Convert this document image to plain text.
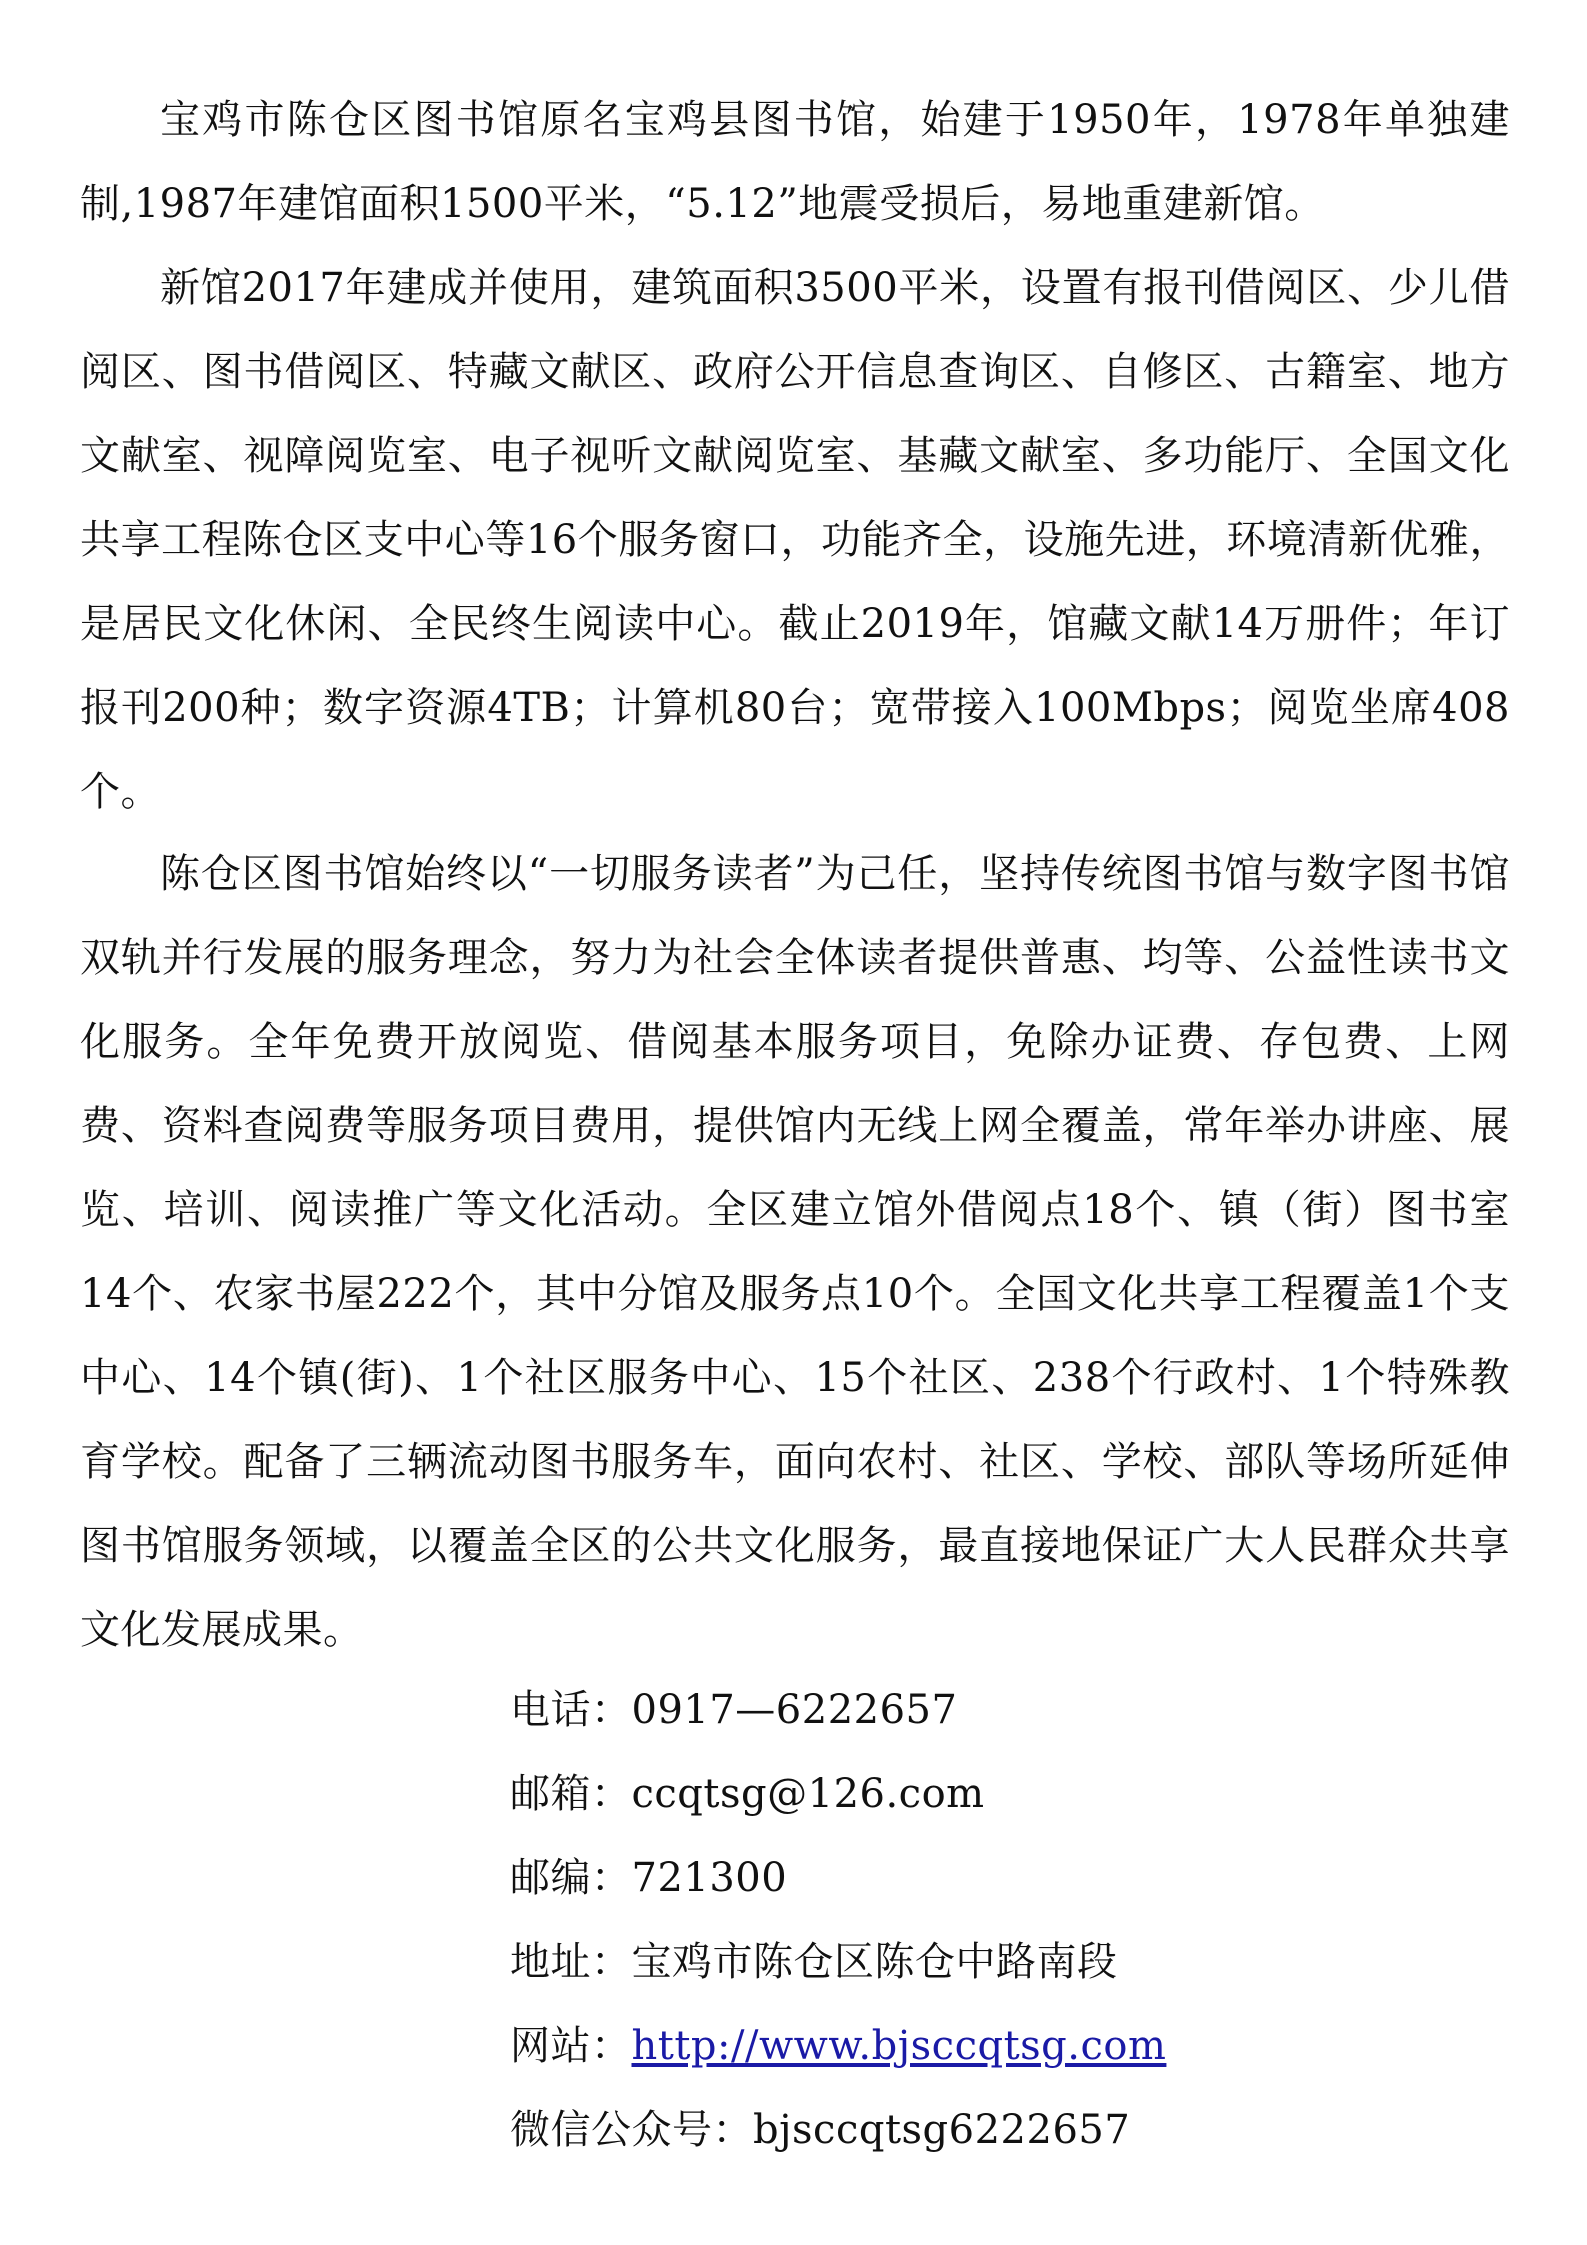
宝鸡市陈仓区图书馆原名宝鸡县图书馆，始建于1950年，1978年单独建制,1987年建馆面积1500平米，“5.12”地震受损后，易地重建新馆。

新馆2017年建成并使用，建筑面积3500平米，设置有报刊借阅区、少儿借阅区、图书借阅区、特藏文献区、政府公开信息查询区、自修区、古籍室、地方文献室、视障阅览室、电子视听文献阅览室、基藏文献室、多功能厅、全国文化共享工程陈仓区支中心等16个服务窗口，功能齐全，设施先进，环境清新优雅，是居民文化休闲、全民终生阅读中心。截止2019年，馆藏文献14万册件；年订报刊200种；数字资源4TB；计算机80台；宽带接入100Mbps；阅览坐席408个。

陈仓区图书馆始终以“一切服务读者”为己任，坚持传统图书馆与数字图书馆双轨并行发展的服务理念，努力为社会全体读者提供普惠、均等、公益性读书文化服务。全年免费开放阅览、借阅基本服务项目，免除办证费、存包费、上网费、资料查阅费等服务项目费用，提供馆内无线上网全覆盖，常年举办讲座、展览、培训、阅读推广等文化活动。全区建立馆外借阅点18个、镇（街）图书室14个、农家书屋222个，其中分馆及服务点10个。全国文化共享工程覆盖1个支中心、14个镇(街)、1个社区服务中心、15个社区、238个行政村、1个特殊教育学校。配备了三辆流动图书服务车，面向农村、社区、学校、部队等场所延伸图书馆服务领域，以覆盖全区的公共文化服务，最直接地保证广大人民群众共享文化发展成果。

电话：0917—6222657
邮箱：ccqtsg@126.com
邮编：721300
地址：宝鸡市陈仓区陈仓中路南段
网站：http://www.bjsccqtsg.com
微信公众号：bjsccqtsg6222657
